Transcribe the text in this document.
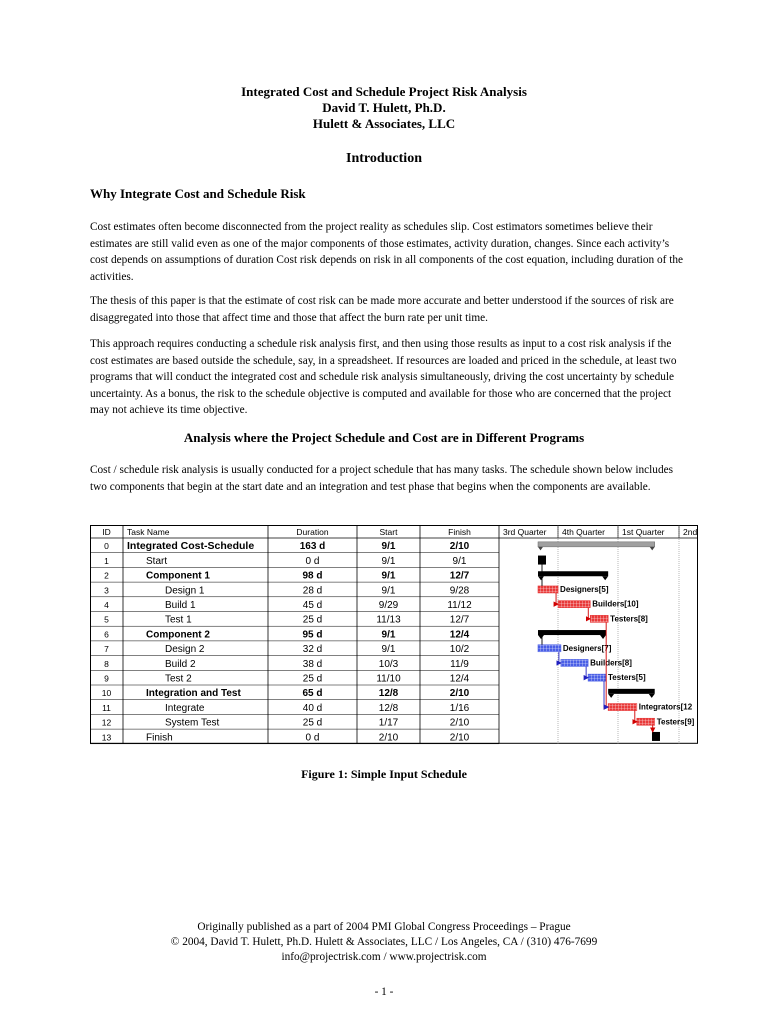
Integrated Cost and Schedule Project Risk Analysis
David T. Hulett, Ph.D.
Hulett & Associates, LLC
Introduction
Why Integrate Cost and Schedule Risk
Cost estimates often become disconnected from the project reality as schedules slip. Cost estimators sometimes believe their estimates are still valid even as one of the major components of those estimates, activity duration, changes. Since each activity’s cost depends on assumptions of duration Cost risk depends on risk in all components of the cost equation, including duration of the activities.
The thesis of this paper is that the estimate of cost risk can be made more accurate and better understood if the sources of risk are disaggregated into those that affect time and those that affect the burn rate per unit time.
This approach requires conducting a schedule risk analysis first, and then using those results as input to a cost risk analysis if the cost estimates are based outside the schedule, say, in a spreadsheet. If resources are loaded and priced in the schedule, at least two programs that will conduct the integrated cost and schedule risk analysis simultaneously, driving the cost uncertainty by schedule uncertainty. As a bonus, the risk to the schedule objective is computed and available for those who are concerned that the project may not achieve its time objective.
Analysis where the Project Schedule and Cost are in Different Programs
Cost / schedule risk analysis is usually conducted for a project schedule that has many tasks. The schedule shown below includes two components that begin at the start date and an integration and test phase that begins when the components are available.
ID Task Name	Duration	Start	Finish	3rd Quarter 4th Quarter 1st Quarter 2nd
0 Integrated Cost-Schedule	163 d	9/1	2/10
1	Start	0 d	9/1	9/1
2	Component 1	98 d	9/1	12/7
3	Design 1	28 d	9/1	9/28
4	Build 1	45 d	9/29	11/12
5	Test 1	25 d	11/13	12/7
6	Component 2	95 d	9/1	12/4
7	Design 2	32 d	9/1	10/2
8	Build 2	38 d	10/3	11/9
9	Test 2	25 d	11/10	12/4
10	Integration and Test	65 d	12/8	2/10
11	Integrate	40 d	12/8	1/16
12	System Test	25 d	1/17	2/10
13	Finish	0 d	2/10	2/10
Designers[5]
Builders[10]
Testers[8]
Designers[7]
Builders[8]
Testers[5]
Integrators[12
Testers[9]
Figure 1: Simple Input Schedule
Originally published as a part of 2004 PMI Global Congress Proceedings – Prague
© 2004, David T. Hulett, Ph.D. Hulett & Associates, LLC / Los Angeles, CA / (310) 476-7699
info@projectrisk.com / www.projectrisk.com
- 1 -
